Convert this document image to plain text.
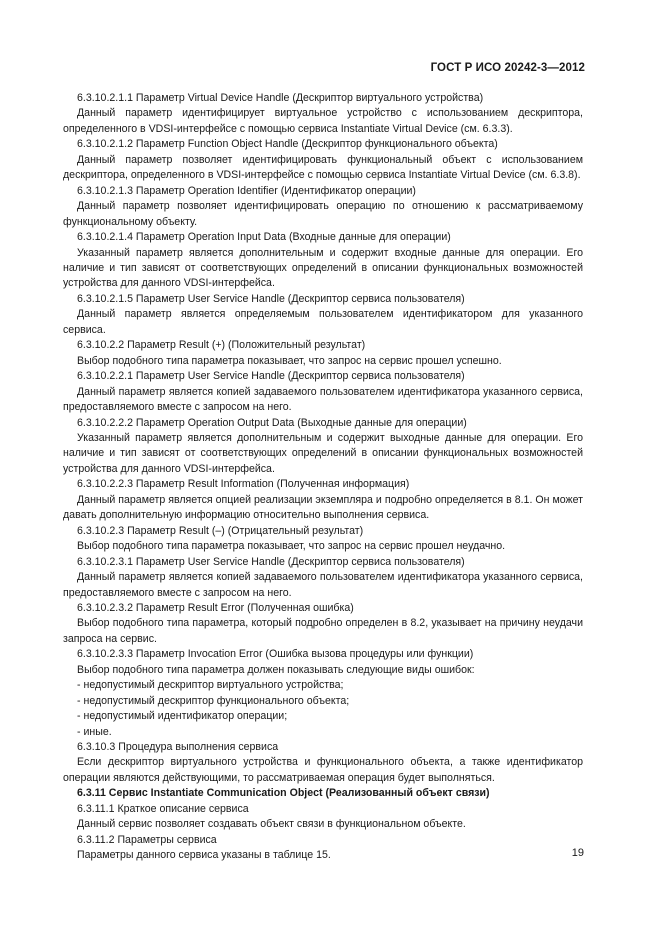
ГОСТ Р ИСО 20242-3—2012

6.3.10.2.1.1 Параметр Virtual Device Handle (Дескриптор виртуального устройства)

Данный параметр идентифицирует виртуальное устройство с использованием дескриптора, определенного в VDSI-интерфейсе с помощью сервиса Instantiate Virtual Device (см. 6.3.3).

6.3.10.2.1.2 Параметр Function Object Handle (Дескриптор функционального объекта)

Данный параметр позволяет идентифицировать функциональный объект с использованием дескриптора, определенного в VDSI-интерфейсе с помощью сервиса Instantiate Virtual Device (см. 6.3.8).

6.3.10.2.1.3 Параметр Operation Identifier (Идентификатор операции)

Данный параметр позволяет идентифицировать операцию по отношению к рассматриваемому функциональному объекту.

6.3.10.2.1.4 Параметр Operation Input Data (Входные данные для операции)

Указанный параметр является дополнительным и содержит входные данные для операции. Его наличие и тип зависят от соответствующих определений в описании функциональных возможностей устройства для данного VDSI-интерфейса.

6.3.10.2.1.5 Параметр User Service Handle (Дескриптор сервиса пользователя)

Данный параметр является определяемым пользователем идентификатором для указанного сервиса.

6.3.10.2.2 Параметр Result (+) (Положительный результат)

Выбор подобного типа параметра показывает, что запрос на сервис прошел успешно.

6.3.10.2.2.1 Параметр User Service Handle (Дескриптор сервиса пользователя)

Данный параметр является копией задаваемого пользователем идентификатора указанного сервиса, предоставляемого вместе с запросом на него.

6.3.10.2.2.2 Параметр Operation Output Data (Выходные данные для операции)

Указанный параметр является дополнительным и содержит выходные данные для операции. Его наличие и тип зависят от соответствующих определений в описании функциональных возможностей устройства для данного VDSI-интерфейса.

6.3.10.2.2.3 Параметр Result Information (Полученная информация)

Данный параметр является опцией реализации экземпляра и подробно определяется в 8.1. Он может давать дополнительную информацию относительно выполнения сервиса.

6.3.10.2.3 Параметр Result (–) (Отрицательный результат)

Выбор подобного типа параметра показывает, что запрос на сервис прошел неудачно.

6.3.10.2.3.1 Параметр User Service Handle (Дескриптор сервиса пользователя)

Данный параметр является копией задаваемого пользователем идентификатора указанного сервиса, предоставляемого вместе с запросом на него.

6.3.10.2.3.2 Параметр Result Error (Полученная ошибка)

Выбор подобного типа параметра, который подробно определен в 8.2, указывает на причину неудачи запроса на сервис.

6.3.10.2.3.3 Параметр Invocation Error (Ошибка вызова процедуры или функции)

Выбор подобного типа параметра должен показывать следующие виды ошибок:

- недопустимый дескриптор виртуального устройства;

- недопустимый дескриптор функционального объекта;

- недопустимый идентификатор операции;

- иные.

6.3.10.3 Процедура выполнения сервиса

Если дескриптор виртуального устройства и функционального объекта, а также идентификатор операции являются действующими, то рассматриваемая операция будет выполняться.

6.3.11 Сервис Instantiate Communication Object (Реализованный объект связи)

6.3.11.1 Краткое описание сервиса

Данный сервис позволяет создавать объект связи в функциональном объекте.

6.3.11.2 Параметры сервиса

Параметры данного сервиса указаны в таблице 15.	19
